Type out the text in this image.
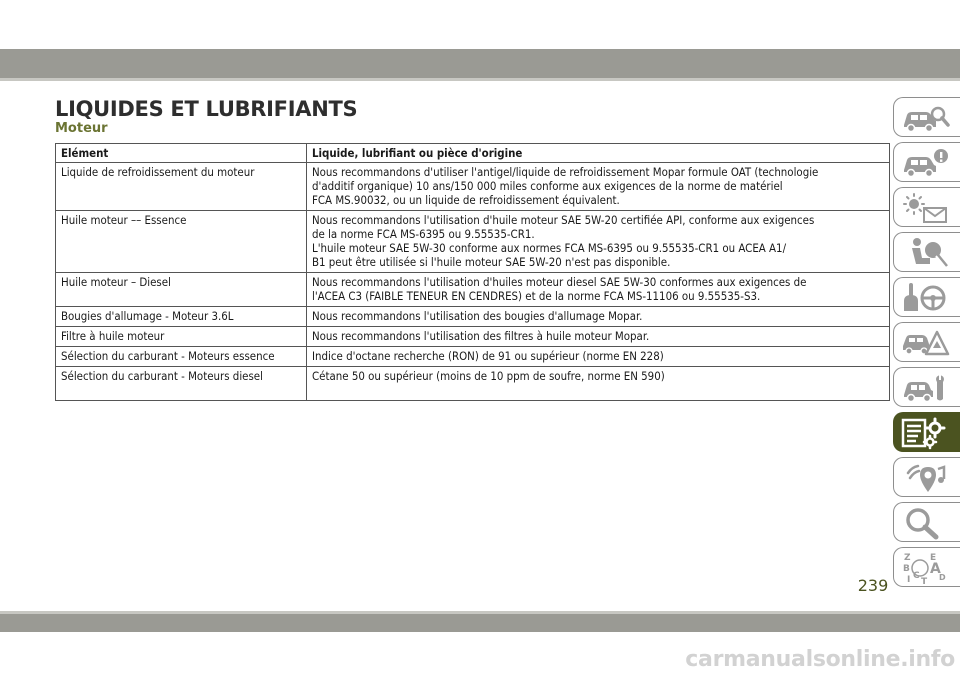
LIQUIDES ET LUBRIFIANTS
Moteur
Elément	Liquide, lubrifiant ou pièce d'origine
Liquide de refroidissement du moteur	Nous recommandons d'utiliser l'antigel/liquide de refroidissement Mopar formule OAT (technologie
d'additif organique) 10 ans/150 000 miles conforme aux exigences de la norme de matériel
FCA MS.90032, ou un liquide de refroidissement équivalent.

Huile moteur –– Essence	Nous recommandons l'utilisation d'huile moteur SAE 5W-20 certifiée API, conforme aux exigences
de la norme FCA MS-6395 ou 9.55535-CR1.
L'huile moteur SAE 5W-30 conforme aux normes FCA MS-6395 ou 9.55535-CR1 ou ACEA A1/
B1 peut être utilisée si l'huile moteur SAE 5W-20 n'est pas disponible.

Huile moteur – Diesel	Nous recommandons l'utilisation d'huiles moteur diesel SAE 5W-30 conformes aux exigences de
l'ACEA C3 (FAIBLE TENEUR EN CENDRES) et de la norme FCA MS-11106 ou 9.55535-S3.

Bougies d'allumage - Moteur 3.6L	Nous recommandons l'utilisation des bougies d'allumage Mopar.

Filtre à huile moteur	Nous recommandons l'utilisation des filtres à huile moteur Mopar.

Sélection du carburant - Moteurs essence	Indice d'octane recherche (RON) de 91 ou supérieur (norme EN 228)

Sélection du carburant - Moteurs diesel	Cétane 50 ou supérieur (moins de 10 ppm de soufre, norme EN 590)
Z E
B A
I C
T D
239
carmanualsonline.info
